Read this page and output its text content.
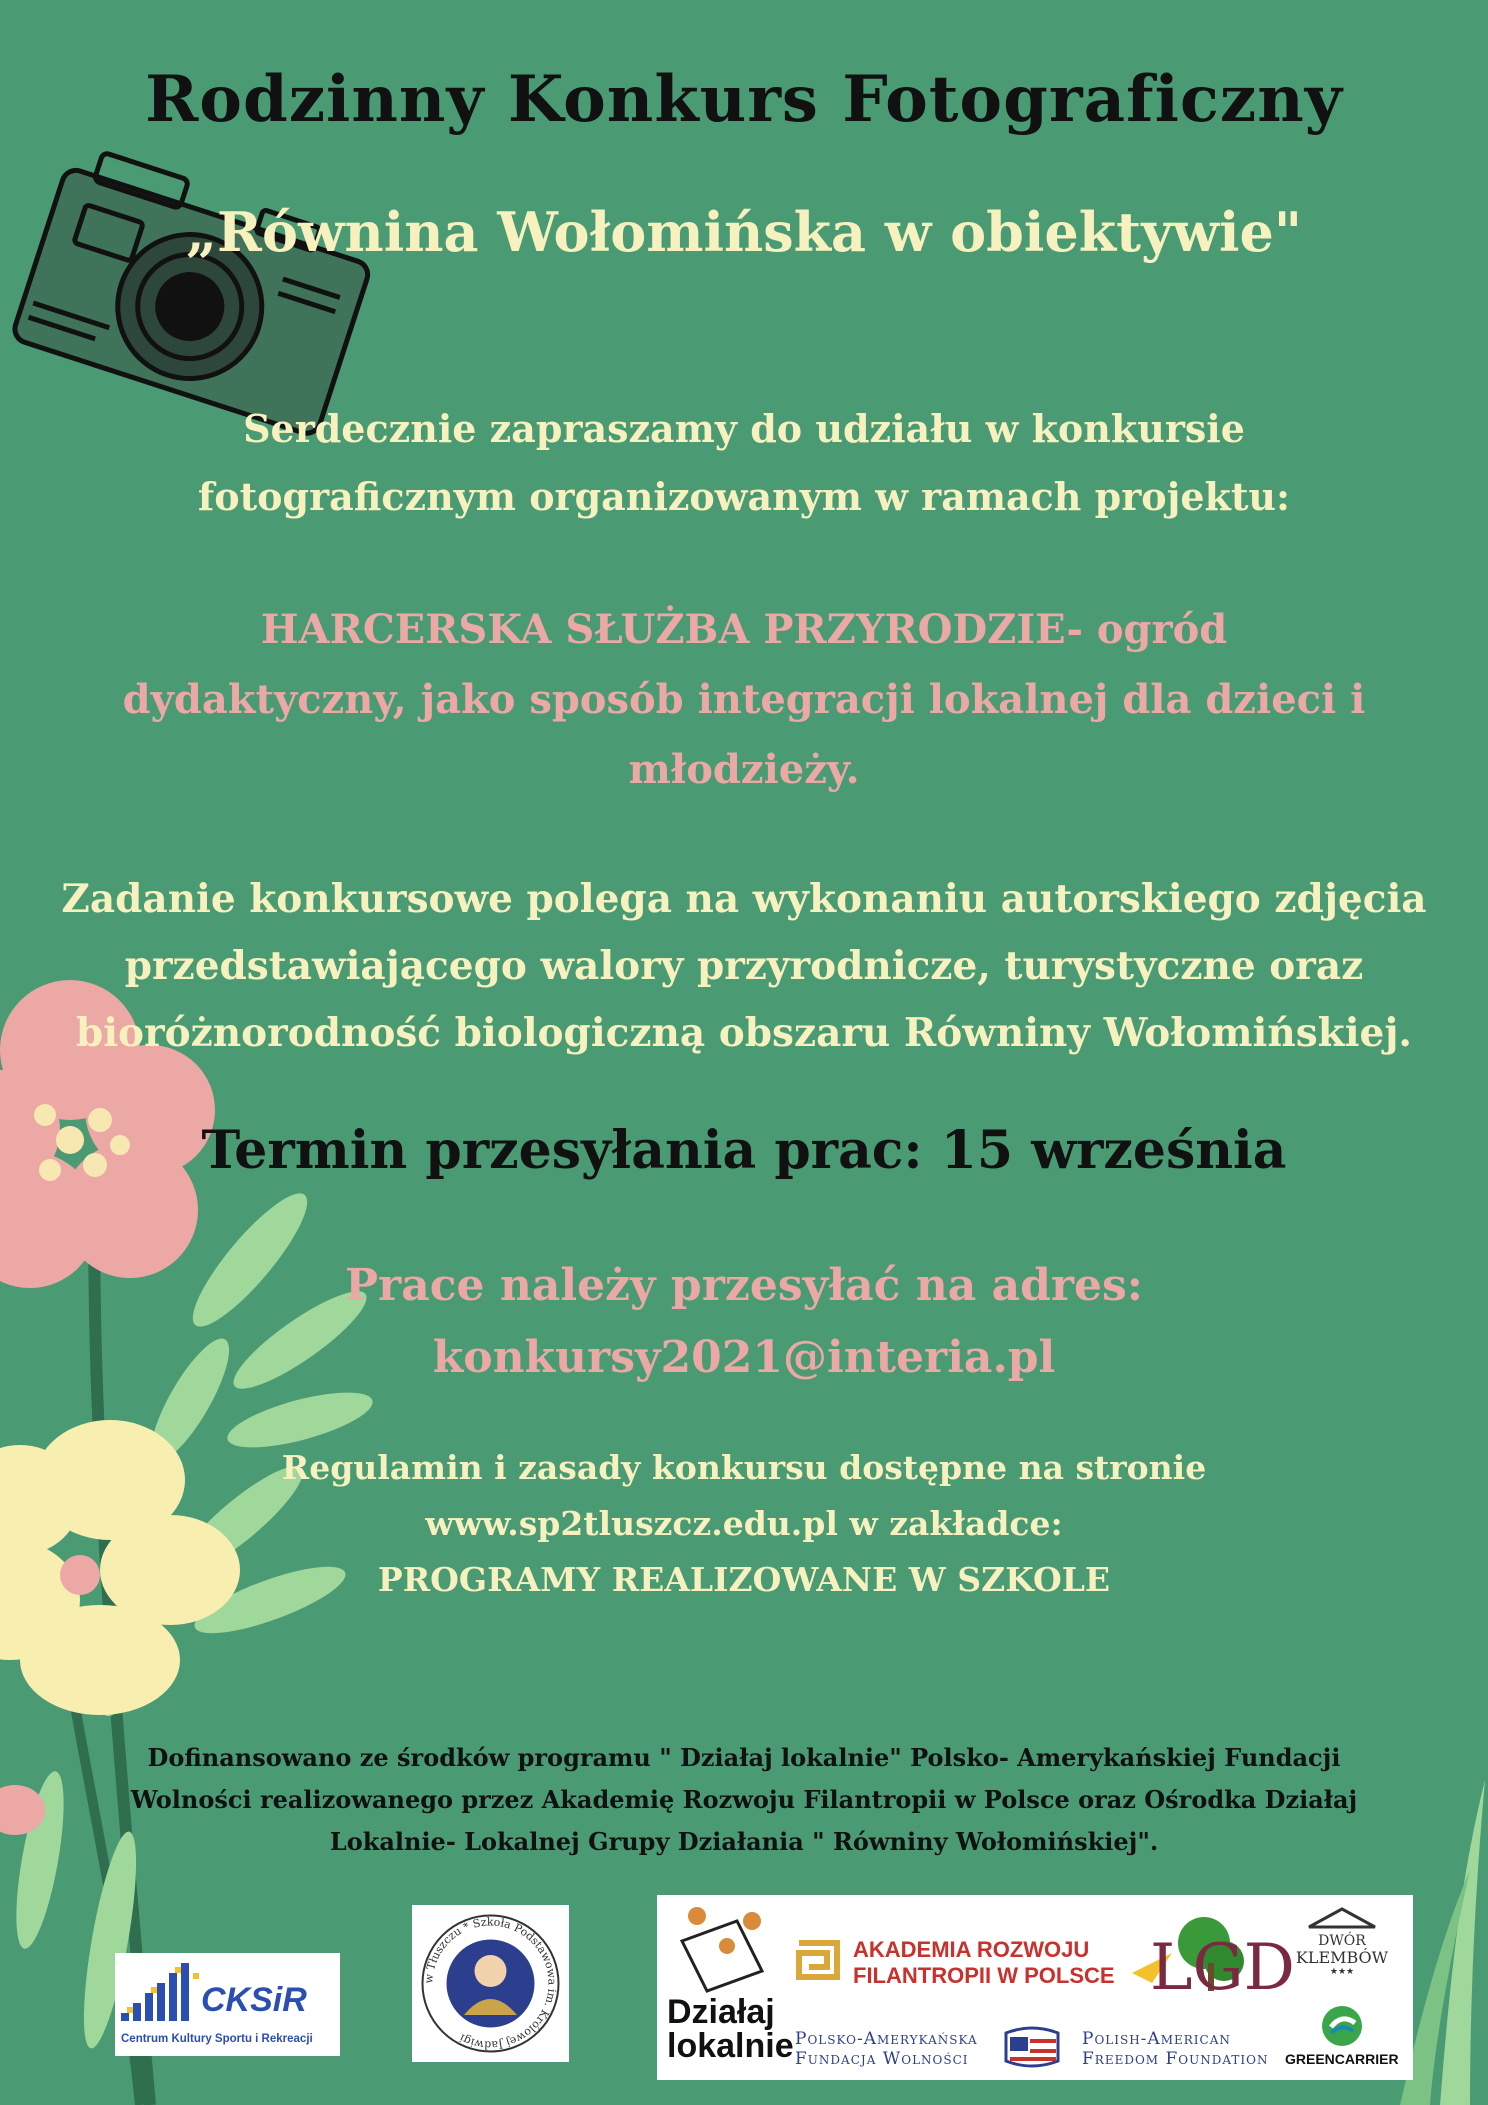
Rodzinny Konkurs Fotograficzny
„Równina Wołomińska w obiektywie"
Serdecznie zapraszamy do udziału w konkursie
fotograficznym organizowanym w ramach projektu:
HARCERSKA SŁUŻBA PRZYRODZIE- ogród
dydaktyczny, jako sposób integracji lokalnej dla dzieci i
młodzieży.
Zadanie konkursowe polega na wykonaniu autorskiego zdjęcia
przedstawiającego walory przyrodnicze, turystyczne oraz
bioróżnorodność biologiczną obszaru Równiny Wołomińskiej.
Termin przesyłania prac: 15 września
Prace należy przesyłać na adres:
konkursy2021@interia.pl
Regulamin i zasady konkursu dostępne na stronie
www.sp2tluszcz.edu.pl w zakładce:
PROGRAMY REALIZOWANE W SZKOLE
Dofinansowano ze środków programu " Działaj lokalnie" Polsko- Amerykańskiej Fundacji
Wolności realizowanego przez Akademię Rozwoju Filantropii w Polsce oraz Ośrodka Działaj
Lokalnie- Lokalnej Grupy Działania " Równiny Wołomińskiej".
CKSiR
Centrum Kultury Sportu i Rekreacji
w Tłuszczu * Szkoła Podstawowa im. Królowej Jadwigi
Działaj
lokalnie
AKADEMIA ROZWOJU
FILANTROPII W POLSCE LGD	DWÓR
KLEMBÓW
★★★
Polsko-Amerykańska
Fundacja Wolności
Polish-American
Freedom Foundation GREENCARRIER
